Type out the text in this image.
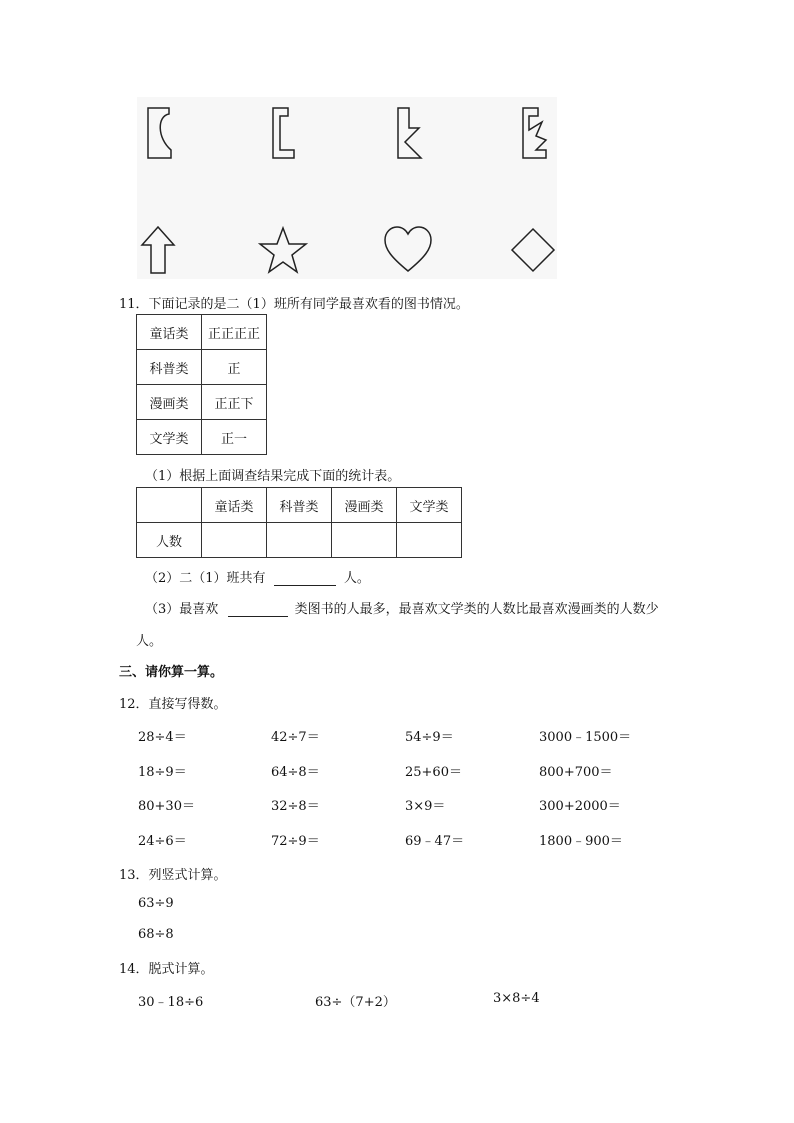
11．下面记录的是二（1）班所有同学最喜欢看的图书情况。
童话类	正正正正
科普类	正
漫画类	正正下
文学类	正一
（1）根据上面调查结果完成下面的统计表。
	童话类	科普类	漫画类	文学类
人数				
（2）二（1）班共有	人。
（3）最喜欢	类图书的人最多，最喜欢文学类的人数比最喜欢漫画类的人数少
人。
三、请你算一算。
12．直接写得数。
28÷4＝	42÷7＝	54÷9＝	3000﹣1500＝
18÷9＝	64÷8＝	25+60＝	800+700＝
80+30＝	32÷8＝	3×9＝	300+2000＝
24÷6＝	72÷9＝	69﹣47＝	1800﹣900＝
13．列竖式计算。
63÷9
68÷8
14．脱式计算。
30﹣18÷6	63÷（7+2）	3×8÷4
